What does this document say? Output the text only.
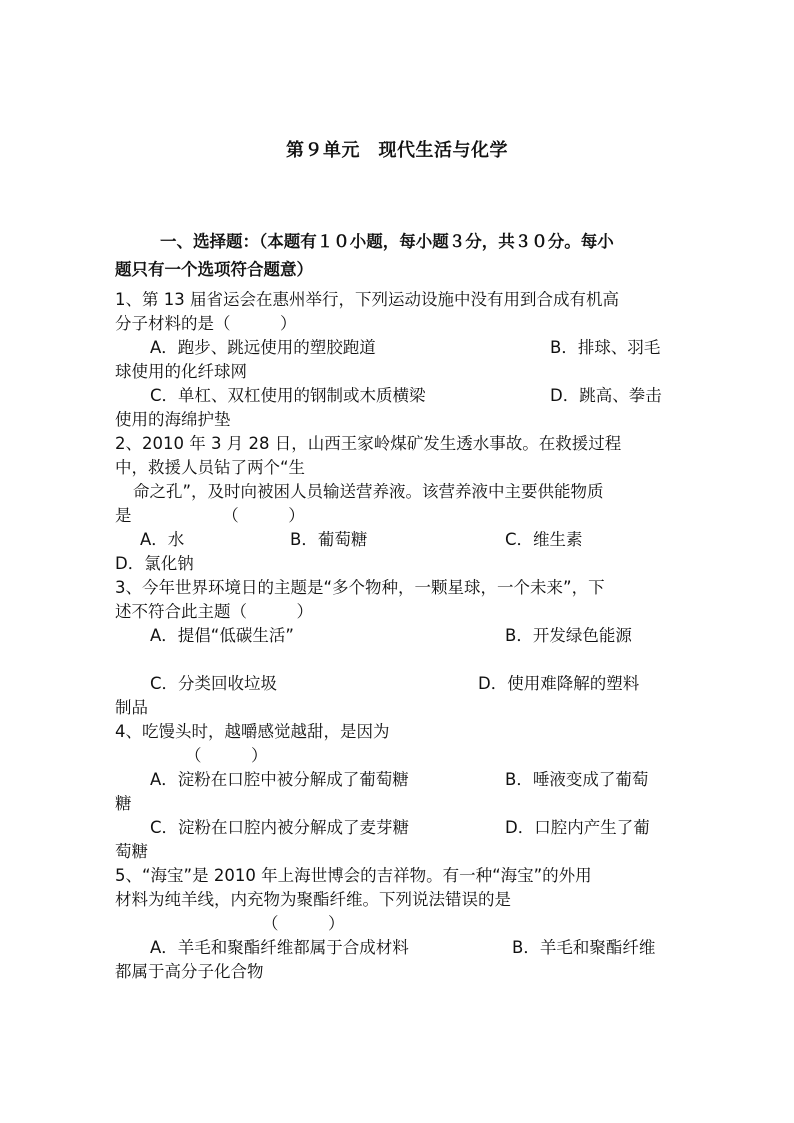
第９单元　现代生活与化学
一、选择题：（本题有１０小题，每小题３分，共３０分。每小
题只有一个选项符合题意）
1、第 13 届省运会在惠州举行，下列运动设施中没有用到合成有机高
分子材料的是（　　　）
A．跑步、跳远使用的塑胶跑道	B．排球、羽毛
球使用的化纤球网
C．单杠、双杠使用的钢制或木质横梁	D．跳高、拳击
使用的海绵护垫
2、2010 年 3 月 28 日，山西王家岭煤矿发生透水事故。在救援过程
中，救援人员钻了两个“生
命之孔”，及时向被困人员输送营养液。该营养液中主要供能物质
是　　　　　　（　　　）
A．水	B．葡萄糖	C．维生素
D．氯化钠
3、今年世界环境日的主题是“多个物种，一颗星球，一个未来”，下
述不符合此主题（　　　）
A．提倡“低碳生活”	B．开发绿色能源
C．分类回收垃圾	D．使用难降解的塑料
制品
4、吃馒头时，越嚼感觉越甜，是因为
（　　　）
A．淀粉在口腔中被分解成了葡萄糖	B．唾液变成了葡萄
糖
C．淀粉在口腔内被分解成了麦芽糖	D．口腔内产生了葡
萄糖
5、“海宝”是 2010 年上海世博会的吉祥物。有一种“海宝”的外用
材料为纯羊线，内充物为聚酯纤维。下列说法错误的是
（　　　）
A．羊毛和聚酯纤维都属于合成材料	B．羊毛和聚酯纤维
都属于高分子化合物
